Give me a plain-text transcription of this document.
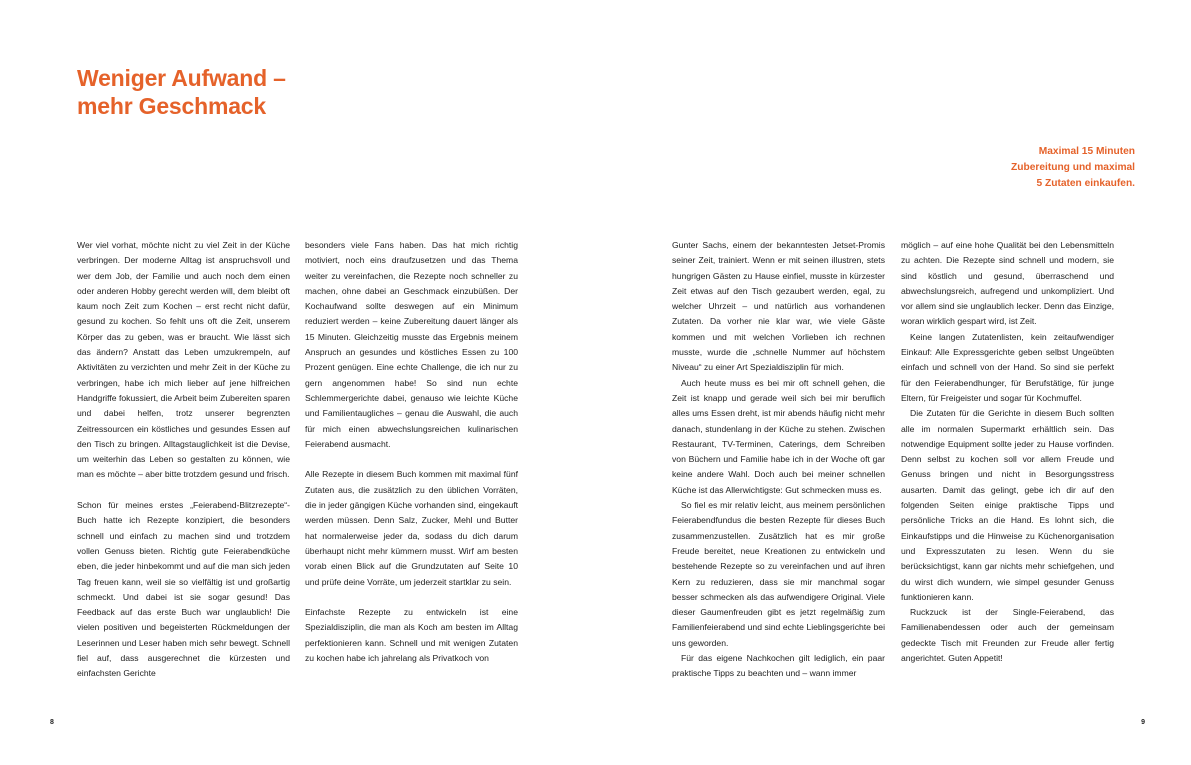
Weniger Aufwand –
mehr Geschmack
Maximal 15 Minuten
Zubereitung und maximal
5 Zutaten einkaufen.

Wer viel vorhat, möchte nicht zu viel Zeit in der Küche verbringen. Der moderne Alltag ist anspruchsvoll und wer dem Job, der Familie und auch noch dem einen oder anderen Hobby gerecht werden will, dem bleibt oft kaum noch Zeit zum Kochen – erst recht nicht dafür, gesund zu kochen. So fehlt uns oft die Zeit, unserem Körper das zu geben, was er braucht. Wie lässt sich das ändern? Anstatt das Leben umzukrempeln, auf Aktivitäten zu verzichten und mehr Zeit in der Küche zu verbringen, habe ich mich lieber auf jene hilfreichen Handgriffe fokussiert, die Arbeit beim Zubereiten sparen und dabei helfen, trotz unserer begrenzten Zeitressourcen ein köstliches und gesundes Essen auf den Tisch zu bringen. Alltagstauglichkeit ist die Devise, um weiterhin das Leben so gestalten zu können, wie man es möchte – aber bitte trotzdem gesund und frisch.

Schon für meines erstes „Feierabend-Blitzrezepte“-Buch hatte ich Rezepte konzipiert, die besonders schnell und einfach zu machen sind und trotzdem vollen Genuss bieten. Richtig gute Feierabendküche eben, die jeder hinbekommt und auf die man sich jeden Tag freuen kann, weil sie so vielfältig ist und großartig schmeckt. Und dabei ist sie sogar gesund! Das Feedback auf das erste Buch war unglaublich! Die vielen positiven und begeisterten Rückmeldungen der Leserinnen und Leser haben mich sehr bewegt. Schnell fiel auf, dass ausgerechnet die kürzesten und einfachsten Gerichte

besonders viele Fans haben. Das hat mich richtig motiviert, noch eins draufzusetzen und das Thema weiter zu vereinfachen, die Rezepte noch schneller zu machen, ohne dabei an Geschmack einzubüßen. Der Kochaufwand sollte deswegen auf ein Minimum reduziert werden – keine Zubereitung dauert länger als 15 Minuten. Gleichzeitig musste das Ergebnis meinem Anspruch an gesundes und köstliches Essen zu 100 Prozent genügen. Eine echte Challenge, die ich nur zu gern angenommen habe! So sind nun echte Schlemmergerichte dabei, genauso wie leichte Küche und Familientaugliches – genau die Auswahl, die auch für mich einen abwechslungsreichen kulinarischen Feierabend ausmacht.

Alle Rezepte in diesem Buch kommen mit maximal fünf Zutaten aus, die zusätzlich zu den üblichen Vorräten, die in jeder gängigen Küche vorhanden sind, eingekauft werden müssen. Denn Salz, Zucker, Mehl und Butter hat normalerweise jeder da, sodass du dich darum überhaupt nicht mehr kümmern musst. Wirf am besten vorab einen Blick auf die Grundzutaten auf Seite 10 und prüfe deine Vorräte, um jederzeit startklar zu sein.

Einfachste Rezepte zu entwickeln ist eine Spezialdisziplin, die man als Koch am besten im Alltag perfektionieren kann. Schnell und mit wenigen Zutaten zu kochen habe ich jahrelang als Privatkoch von

Gunter Sachs, einem der bekanntesten Jetset-Promis seiner Zeit, trainiert. Wenn er mit seinen illustren, stets hungrigen Gästen zu Hause einfiel, musste in kürzester Zeit etwas auf den Tisch gezaubert werden, egal, zu welcher Uhrzeit – und natürlich aus vorhandenen Zutaten. Da vorher nie klar war, wie viele Gäste kommen und mit welchen Vorlieben ich rechnen musste, wurde die „schnelle Nummer auf höchstem Niveau“ zu einer Art Spezialdisziplin für mich.

Auch heute muss es bei mir oft schnell gehen, die Zeit ist knapp und gerade weil sich bei mir beruflich alles ums Essen dreht, ist mir abends häufig nicht mehr danach, stundenlang in der Küche zu stehen. Zwischen Restaurant, TV-Terminen, Caterings, dem Schreiben von Büchern und Familie habe ich in der Woche oft gar keine andere Wahl. Doch auch bei meiner schnellen Küche ist das Allerwichtigste: Gut schmecken muss es.

So fiel es mir relativ leicht, aus meinem persönlichen Feierabendfundus die besten Rezepte für dieses Buch zusammenzustellen. Zusätzlich hat es mir große Freude bereitet, neue Kreationen zu entwickeln und bestehende Rezepte so zu vereinfachen und auf ihren Kern zu reduzieren, dass sie mir manchmal sogar besser schmecken als das aufwendigere Original. Viele dieser Gaumenfreuden gibt es jetzt regelmäßig zum Familienfeierabend und sind echte Lieblingsgerichte bei uns geworden.

Für das eigene Nachkochen gilt lediglich, ein paar praktische Tipps zu beachten und – wann immer

möglich – auf eine hohe Qualität bei den Lebensmitteln zu achten. Die Rezepte sind schnell und modern, sie sind köstlich und gesund, überraschend und abwechslungsreich, aufregend und unkompliziert. Und vor allem sind sie unglaublich lecker. Denn das Einzige, woran wirklich gespart wird, ist Zeit.

Keine langen Zutatenlisten, kein zeitaufwendiger Einkauf: Alle Expressgerichte geben selbst Ungeübten einfach und schnell von der Hand. So sind sie perfekt für den Feierabendhunger, für Berufstätige, für junge Eltern, für Freigeister und sogar für Kochmuffel.

Die Zutaten für die Gerichte in diesem Buch sollten alle im normalen Supermarkt erhältlich sein. Das notwendige Equipment sollte jeder zu Hause vorfinden. Denn selbst zu kochen soll vor allem Freude und Genuss bringen und nicht in Besorgungsstress ausarten. Damit das gelingt, gebe ich dir auf den folgenden Seiten einige praktische Tipps und persönliche Tricks an die Hand. Es lohnt sich, die Einkaufstipps und die Hinweise zu Küchenorganisation und Expresszutaten zu lesen. Wenn du sie berücksichtigst, kann gar nichts mehr schiefgehen, und du wirst dich wundern, wie simpel gesunder Genuss funktionieren kann.

Ruckzuck ist der Single-Feierabend, das Familienabendessen oder auch der gemeinsam gedeckte Tisch mit Freunden zur Freude aller fertig angerichtet. Guten Appetit!

8	9
